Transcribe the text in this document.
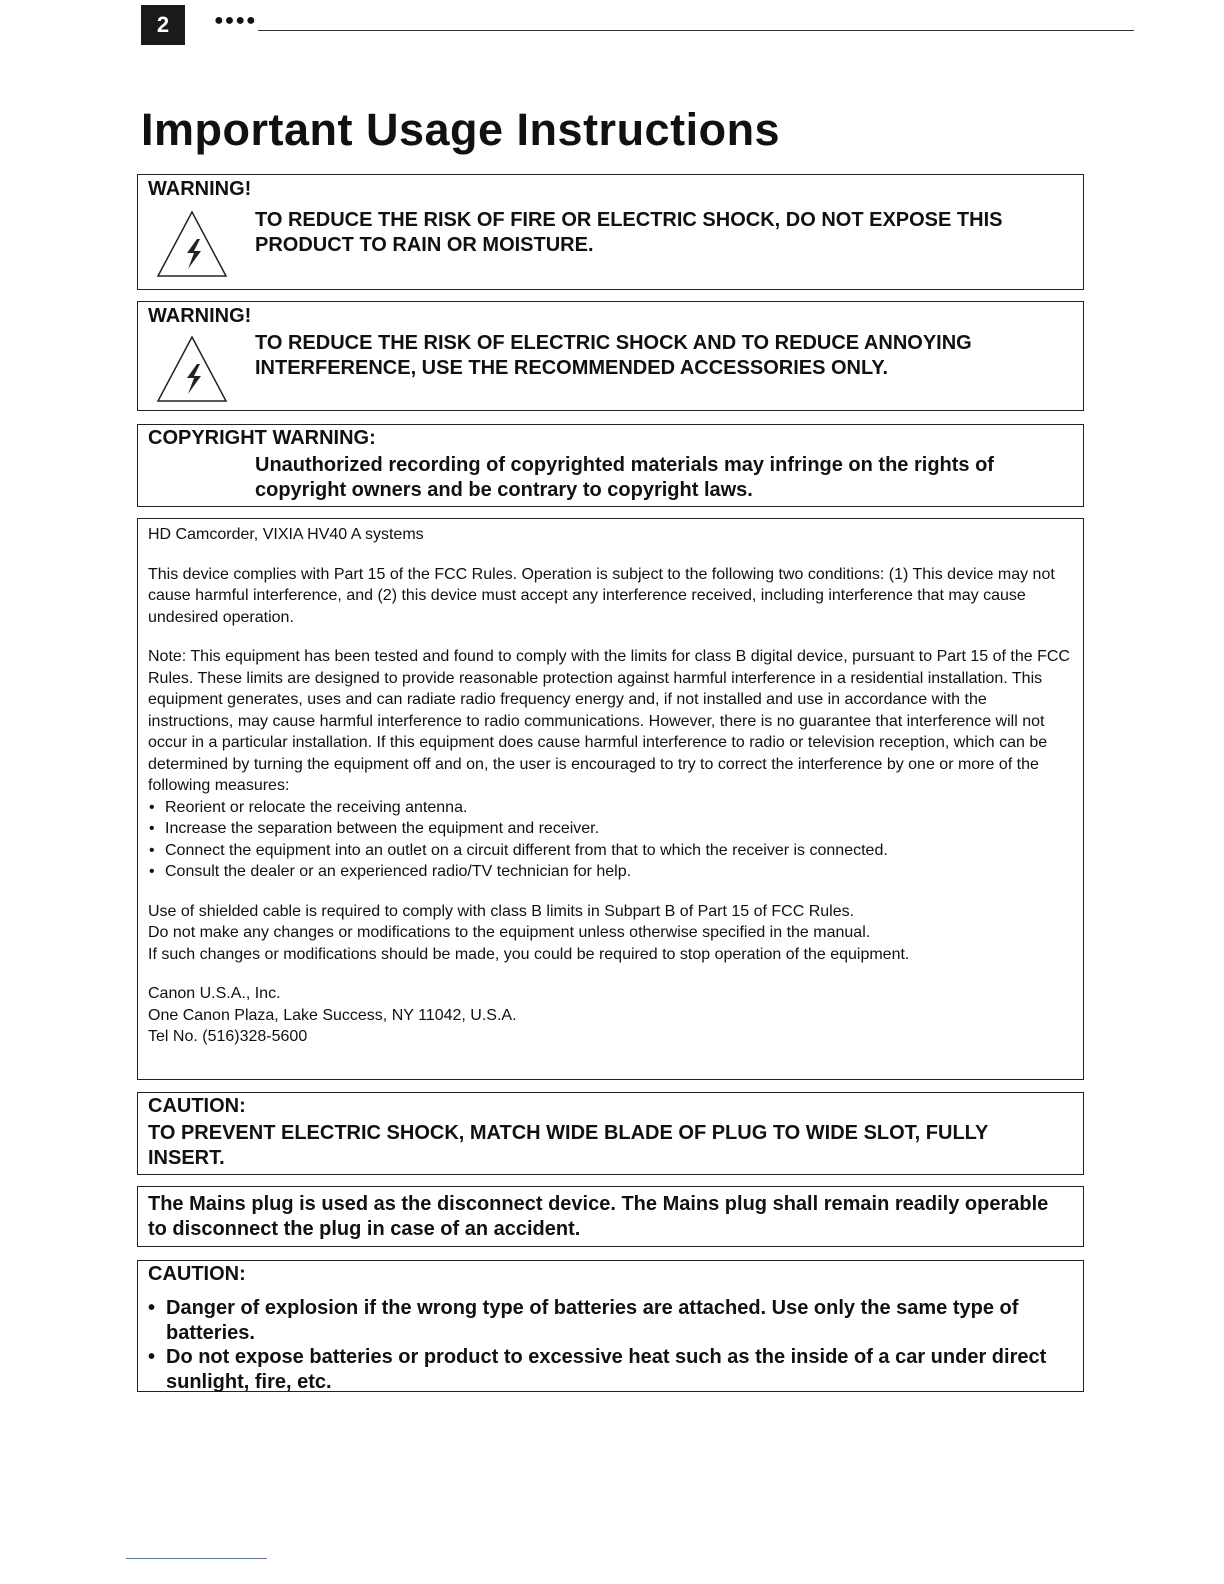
2	●●●●
Important Usage Instructions
WARNING!

TO REDUCE THE RISK OF FIRE OR ELECTRIC SHOCK, DO NOT EXPOSE THIS PRODUCT TO RAIN OR MOISTURE.

WARNING!

TO REDUCE THE RISK OF ELECTRIC SHOCK AND TO REDUCE ANNOYING INTERFERENCE, USE THE RECOMMENDED ACCESSORIES ONLY.

COPYRIGHT WARNING:

Unauthorized recording of copyrighted materials may infringe on the rights of copyright owners and be contrary to copyright laws.

HD Camcorder, VIXIA HV40 A systems

This device complies with Part 15 of the FCC Rules. Operation is subject to the following two conditions: (1) This device may not cause harmful interference, and (2) this device must accept any interference received, including interference that may cause undesired operation.

Note: This equipment has been tested and found to comply with the limits for class B digital device, pursuant to Part 15 of the FCC Rules. These limits are designed to provide reasonable protection against harmful interference in a residential installation. This equipment generates, uses and can radiate radio frequency energy and, if not installed and use in accordance with the instructions, may cause harmful interference to radio communications. However, there is no guarantee that interference will not occur in a particular installation. If this equipment does cause harmful interference to radio or television reception, which can be determined by turning the equipment off and on, the user is encouraged to try to correct the interference by one or more of the following measures:

• Reorient or relocate the receiving antenna.
• Increase the separation between the equipment and receiver.
• Connect the equipment into an outlet on a circuit different from that to which the receiver is connected.
• Consult the dealer or an experienced radio/TV technician for help.

Use of shielded cable is required to comply with class B limits in Subpart B of Part 15 of FCC Rules.

Do not make any changes or modifications to the equipment unless otherwise specified in the manual.

If such changes or modifications should be made, you could be required to stop operation of the equipment.

Canon U.S.A., Inc.

One Canon Plaza, Lake Success, NY 11042, U.S.A.

Tel No. (516)328-5600

CAUTION:

TO PREVENT ELECTRIC SHOCK, MATCH WIDE BLADE OF PLUG TO WIDE SLOT, FULLY INSERT.

The Mains plug is used as the disconnect device. The Mains plug shall remain readily operable to disconnect the plug in case of an accident.

CAUTION:
• Danger of explosion if the wrong type of batteries are attached. Use only the same type of batteries.
• Do not expose batteries or product to excessive heat such as the inside of a car under direct sunlight, fire, etc.
